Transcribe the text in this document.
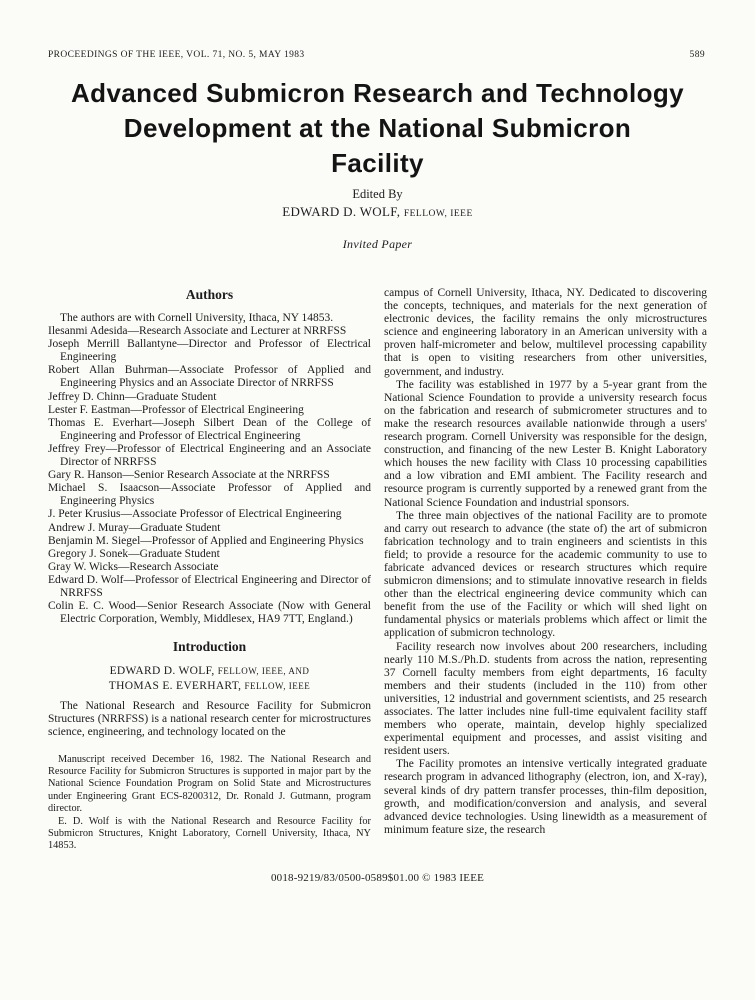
PROCEEDINGS OF THE IEEE, VOL. 71, NO. 5, MAY 1983	589
Advanced Submicron Research and Technology
Development at the National Submicron
Facility
Edited By
EDWARD D. WOLF, FELLOW, IEEE
Invited Paper
Authors

The authors are with Cornell University, Ithaca, NY 14853.

Ilesanmi Adesida—Research Associate and Lecturer at NRRFSS
Joseph Merrill Ballantyne—Director and Professor of Electrical Engineering
Robert Allan Buhrman—Associate Professor of Applied and Engineering Physics and an Associate Director of NRRFSS
Jeffrey D. Chinn—Graduate Student
Lester F. Eastman—Professor of Electrical Engineering
Thomas E. Everhart—Joseph Silbert Dean of the College of Engineering and Professor of Electrical Engineering
Jeffrey Frey—Professor of Electrical Engineering and an Associate Director of NRRFSS
Gary R. Hanson—Senior Research Associate at the NRRFSS
Michael S. Isaacson—Associate Professor of Applied and Engineering Physics
J. Peter Krusius—Associate Professor of Electrical Engineering
Andrew J. Muray—Graduate Student
Benjamin M. Siegel—Professor of Applied and Engineering Physics
Gregory J. Sonek—Graduate Student
Gray W. Wicks—Research Associate
Edward D. Wolf—Professor of Electrical Engineering and Director of NRRFSS
Colin E. C. Wood—Senior Research Associate (Now with General Electric Corporation, Wembly, Middlesex, HA9 7TT, England.)
Introduction
EDWARD D. WOLF, FELLOW, IEEE, AND
THOMAS E. EVERHART, FELLOW, IEEE

The National Research and Resource Facility for Submicron Structures (NRRFSS) is a national research center for microstructures science, engineering, and technology located on the

Manuscript received December 16, 1982. The National Research and Resource Facility for Submicron Structures is supported in major part by the National Science Foundation Program on Solid State and Microstructures under Engineering Grant ECS-8200312, Dr. Ronald J. Gutmann, program director.

E. D. Wolf is with the National Research and Resource Facility for Submicron Structures, Knight Laboratory, Cornell University, Ithaca, NY 14853.

campus of Cornell University, Ithaca, NY. Dedicated to discovering the concepts, techniques, and materials for the next generation of electronic devices, the facility remains the only microstructures science and engineering laboratory in an American university with a proven half-micrometer and below, multilevel processing capability that is open to visiting researchers from other universities, government, and industry.

The facility was established in 1977 by a 5-year grant from the National Science Foundation to provide a university research focus on the fabrication and research of submicrometer structures and to make the research resources available nationwide through a users' research program. Cornell University was responsible for the design, construction, and financing of the new Lester B. Knight Laboratory which houses the new facility with Class 10 processing capabilities and a low vibration and EMI ambient. The Facility research and resource program is currently supported by a renewed grant from the National Science Foundation and industrial sponsors.

The three main objectives of the national Facility are to promote and carry out research to advance (the state of) the art of submicron fabrication technology and to train engineers and scientists in this field; to provide a resource for the academic community to use to fabricate advanced devices or research structures which require submicron dimensions; and to stimulate innovative research in fields other than the electrical engineering device community which can benefit from the use of the Facility or which will shed light on fundamental physics or materials problems which affect or limit the application of submicron technology.

Facility research now involves about 200 researchers, including nearly 110 M.S./Ph.D. students from across the nation, representing 37 Cornell faculty members from eight departments, 16 faculty members and their students (included in the 110) from other universities, 12 industrial and government scientists, and 25 research associates. The latter includes nine full-time equivalent facility staff members who operate, maintain, develop highly specialized experimental equipment and processes, and assist visiting and resident users.

The Facility promotes an intensive vertically integrated graduate research program in advanced lithography (electron, ion, and X-ray), several kinds of dry pattern transfer processes, thin-film deposition, growth, and modification/conversion and analysis, and several advanced device technologies. Using linewidth as a measurement of minimum feature size, the research

0018-9219/83/0500-0589$01.00 © 1983 IEEE
